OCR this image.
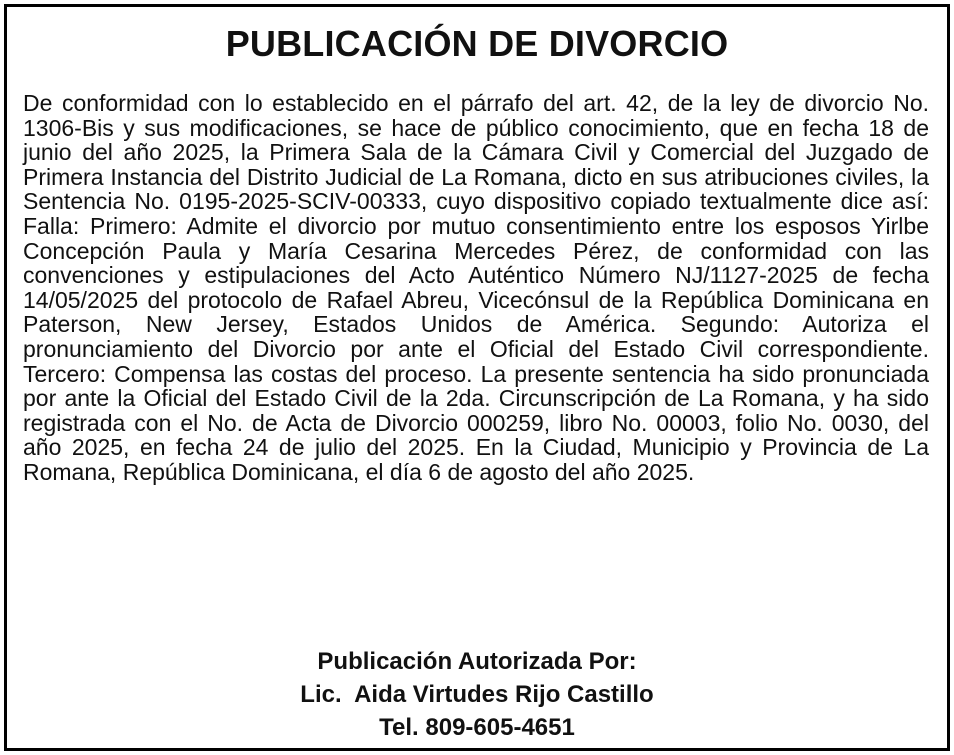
PUBLICACIÓN DE DIVORCIO

De conformidad con lo establecido en el párrafo del art. 42, de la ley de divorcio No. 1306-Bis y sus modificaciones, se hace de público conocimiento, que en fecha 18 de junio del año 2025, la Primera Sala de la Cámara Civil y Comercial del Juzgado de Primera Instancia del Distrito Judicial de La Romana, dicto en sus atribuciones civiles, la Sentencia No. 0195-2025-SCIV-00333, cuyo dispositivo copiado textualmente dice así: Falla: Primero: Admite el divorcio por mutuo consentimiento entre los esposos Yirlbe Concepción Paula y María Cesarina Mercedes Pérez, de conformidad con las convenciones y estipulaciones del Acto Auténtico Número NJ/1127-2025 de fecha 14/05/2025 del protocolo de Rafael Abreu, Vicecónsul de la República Dominicana en Paterson, New Jersey, Estados Unidos de América. Segundo: Autoriza el pronunciamiento del Divorcio por ante el Oficial del Estado Civil correspondiente. Tercero: Compensa las costas del proceso. La presente sentencia ha sido pronunciada por ante la Oficial del Estado Civil de la 2da. Circunscripción de La Romana, y ha sido registrada con el No. de Acta de Divorcio 000259, libro No. 00003, folio No. 0030, del año 2025, en fecha 24 de julio del 2025. En la Ciudad, Municipio y Provincia de La Romana, República Dominicana, el día 6 de agosto del año 2025.

Publicación Autorizada Por:
Lic.  Aida Virtudes Rijo Castillo
Tel. 809-605-4651
